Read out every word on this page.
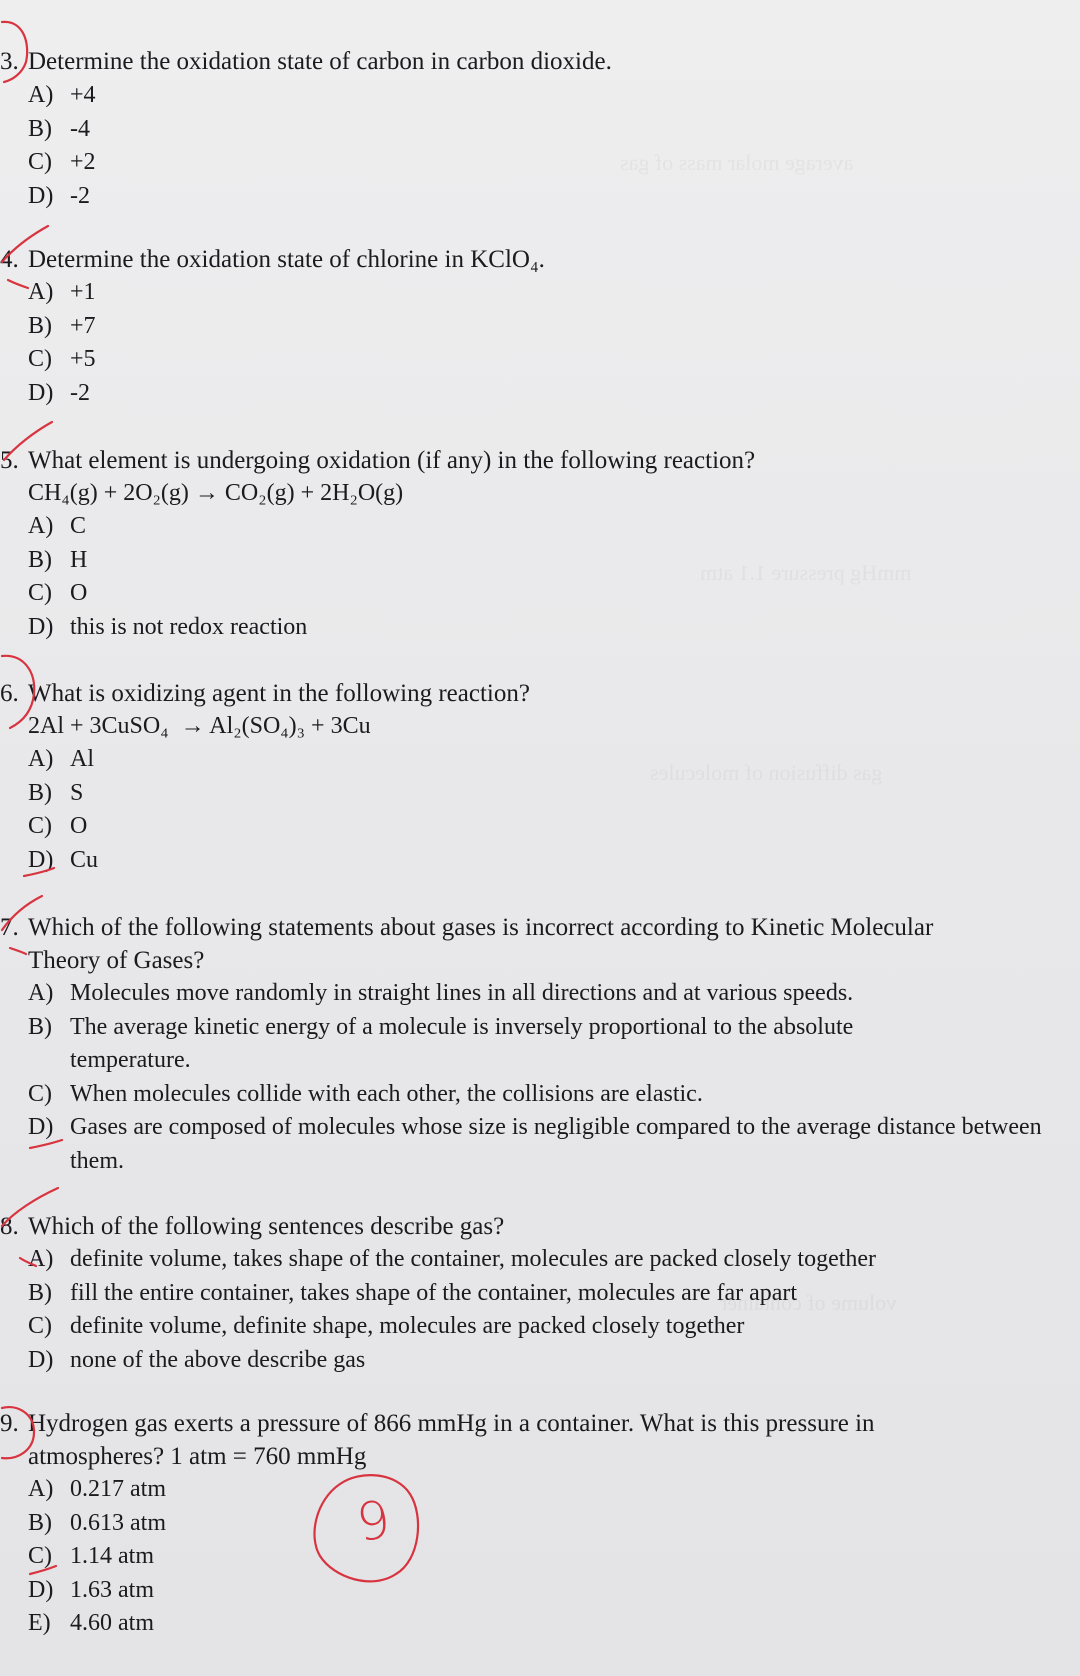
average molar mass of gas
mmHg pressure 1.1 atm
gas diffusion of molecules
volume of container
3. Determine the oxidation state of carbon in carbon dioxide.
A) +4
B) -4
C) +2
D) -2
4. Determine the oxidation state of chlorine in KClO₄.
A) +1
B) +7
C) +5
D) -2
5. What element is undergoing oxidation (if any) in the following reaction?
CH₄(g) + 2O₂(g) → CO₂(g) + 2H₂O(g)
A) C
B) H
C) O
D) this is not redox reaction
6. What is oxidizing agent in the following reaction?
2Al + 3CuSO₄  → Al₂(SO₄)₃ + 3Cu
A) Al
B) S
C) O
D) Cu
7. Which of the following statements about gases is incorrect according to Kinetic Molecular
Theory of Gases?
A) Molecules move randomly in straight lines in all directions and at various speeds.
B) The average kinetic energy of a molecule is inversely proportional to the absolute temperature.
C) When molecules collide with each other, the collisions are elastic.
D) Gases are composed of molecules whose size is negligible compared to the average distance between them.
8. Which of the following sentences describe gas?
A) definite volume, takes shape of the container, molecules are packed closely together
B) fill the entire container, takes shape of the container, molecules are far apart
C) definite volume, definite shape, molecules are packed closely together
D) none of the above describe gas
9. Hydrogen gas exerts a pressure of 866 mmHg in a container. What is this pressure in
atmospheres? 1 atm = 760 mmHg
A) 0.217 atm
B) 0.613 atm
C) 1.14 atm
D) 1.63 atm
E) 4.60 atm
9
